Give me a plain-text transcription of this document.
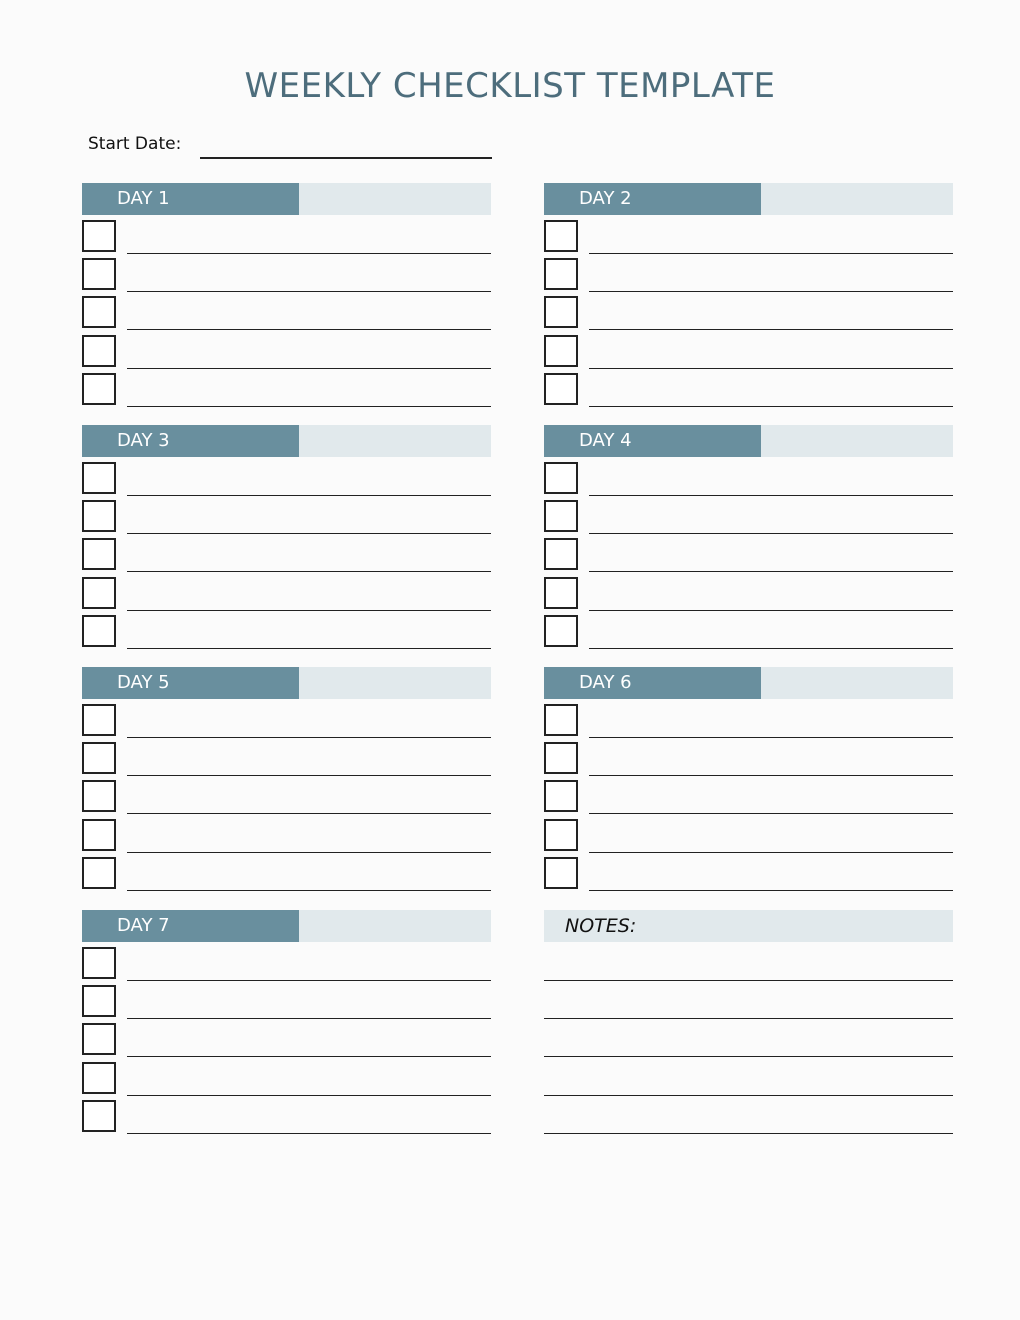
WEEKLY CHECKLIST TEMPLATE
Start Date:
DAY 1	DAY 2
DAY 3	DAY 4
DAY 5	DAY 6
DAY 7	NOTES:
